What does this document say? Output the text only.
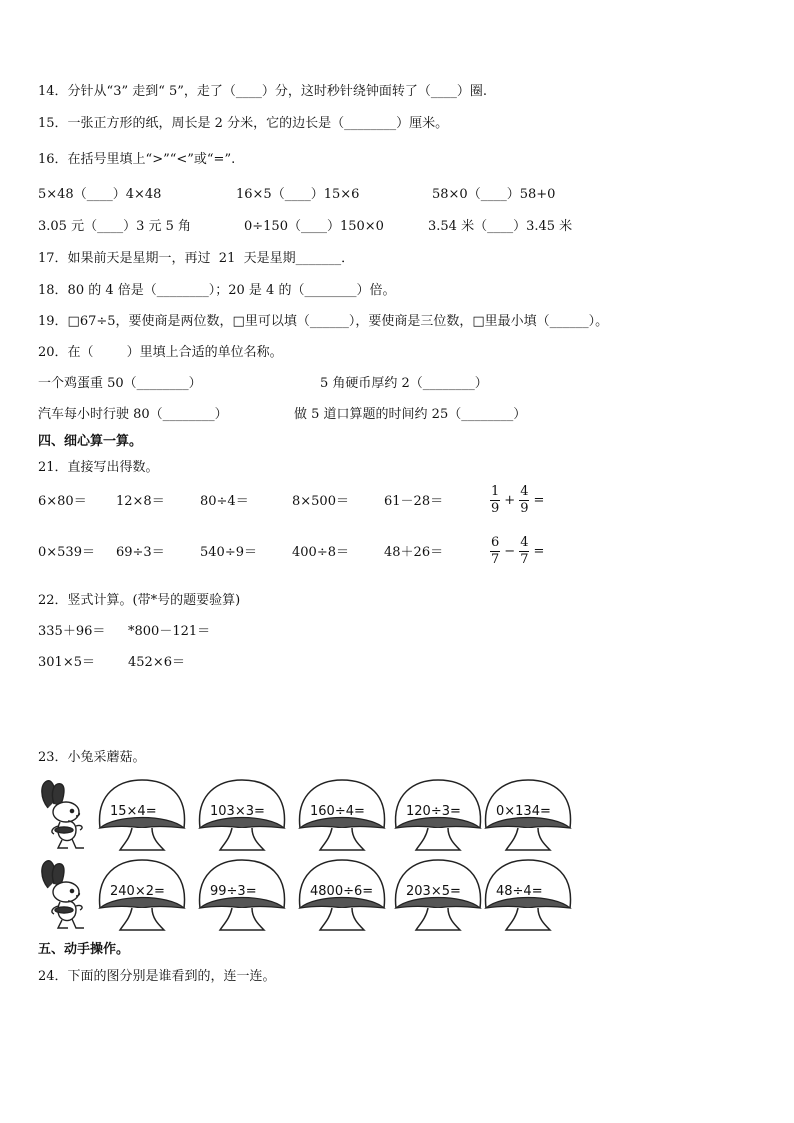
14．分针从“3” 走到“ 5”，走了（____）分，这时秒针绕钟面转了（____）圈.
15．一张正方形的纸，周长是 2 分米，它的边长是（________）厘米。
16．在括号里填上“>”“<”或“=”.
5×48（____）4×48	16×5（____）15×6	58×0（____）58+0
3.05 元（____）3 元 5 角	0÷150（____）150×0	3.54 米（____）3.45 米
17．如果前天是星期一，再过  21  天是星期_______．
18．80 的 4 倍是（________）；20 是 4 的（________）倍。
19．□67÷5，要使商是两位数，□里可以填（______），要使商是三位数，□里最小填（______）。
20．在（        ）里填上合适的单位名称。
一个鸡蛋重 50（________）	5 角硬币厚约 2（________）
汽车每小时行驶 80（________）	做 5 道口算题的时间约 25（________）
四、细心算一算。
21．直接写出得数。
6×80＝ 12×8＝	80÷4＝	8×500＝	61－28＝	$\frac{1}{9} + \frac{4}{9}$ =
0×539＝ 69÷3＝	540÷9＝	400÷8＝	48＋26＝	$\frac{6}{7} - \frac{4}{7}$ =
22．竖式计算。(带*号的题要验算)
335＋96＝ *800－121＝
301×5＝	452×6＝
23．小兔采蘑菇。
15×4=	103×3=	160÷4=	120÷3=	0×134=
240×2=	99÷3=	4800÷6=	203×5=	48÷4=
五、动手操作。
24．下面的图分别是谁看到的，连一连。
